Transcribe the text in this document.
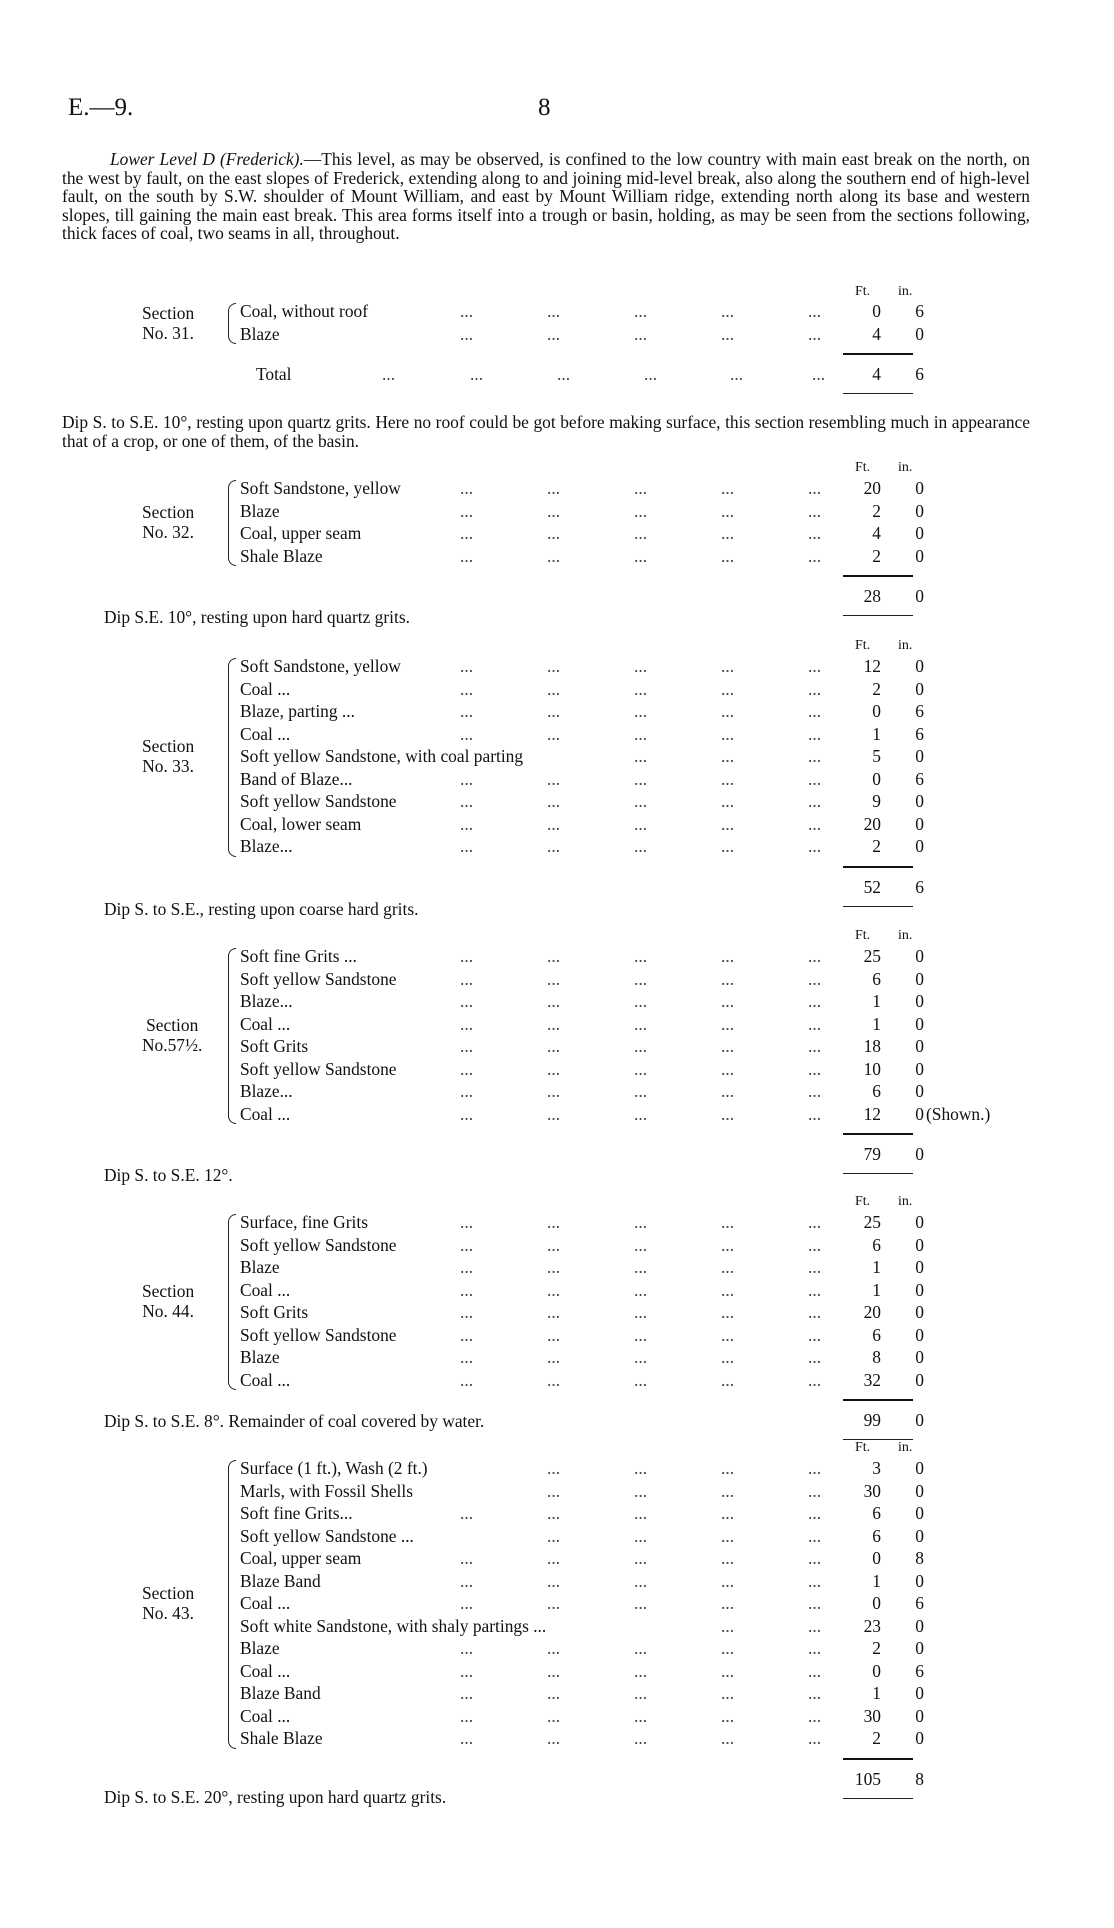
E.—9.	8

Lower Level D (Frederick).—This level, as may be observed, is confined to the low country with main east break on the north, on the west by fault, on the east slopes of Frederick, extending along to and joining mid-level break, also along the southern end of high-level fault, on the south by S.W. shoulder of Mount William, and east by Mount William ridge, extending north along its base and western slopes, till gaining the main east break. This area forms itself into a trough or basin, holding, as may be seen from the sections following, thick faces of coal, two seams in all, throughout.

Ft. in.
Section
No. 31.
Coal, without roof	...	...	...	...	...	0	6
Blaze	...	...	...	...	...	4	0
Total	...	...	...	...	...	...	4	6

Dip S. to S.E. 10°, resting upon quartz grits. Here no roof could be got before making surface, this section resembling much in appearance that of a crop, or one of them, of the basin.

Ft. in.
Section
No. 32.
Soft Sandstone, yellow	...	...	...	...	...	20	0
Blaze	...	...	...	...	...	2	0
Coal, upper seam	...	...	...	...	...	4	0
Shale Blaze	...	...	...	...	...	2	0
28	0

Dip S.E. 10°, resting upon hard quartz grits.

Ft. in.
Section
No. 33.
Soft Sandstone, yellow	...	...	...	...	...	12	0
Coal ...	...	...	...	...	...	2	0
Blaze, parting ...	...	...	...	...	...	0	6
Coal ...	...	...	...	...	...	1	6
Soft yellow Sandstone, with coal parting	...	...	...	5	0
Band of Blaze...	...	...	...	...	...	0	6
Soft yellow Sandstone	...	...	...	...	...	9	0
Coal, lower seam	...	...	...	...	...	20	0
Blaze...	...	...	...	...	...	2	0
52	6

Dip S. to S.E., resting upon coarse hard grits.

Ft. in.
Section
No.57½.
Soft fine Grits ...	...	...	...	...	...	25	0
Soft yellow Sandstone	...	...	...	...	...	6	0
Blaze...	...	...	...	...	...	1	0
Coal ...	...	...	...	...	...	1	0
Soft Grits	...	...	...	...	...	18	0
Soft yellow Sandstone	...	...	...	...	...	10	0
Blaze...	...	...	...	...	...	6	0
Coal ...	...	...	...	...	...	12	0 (Shown.)
79	0

Dip S. to S.E. 12°.

Ft. in.
Section
No. 44.
Surface, fine Grits	...	...	...	...	...	25	0
Soft yellow Sandstone	...	...	...	...	...	6	0
Blaze	...	...	...	...	...	1	0
Coal ...	...	...	...	...	...	1	0
Soft Grits	...	...	...	...	...	20	0
Soft yellow Sandstone	...	...	...	...	...	6	0
Blaze	...	...	...	...	...	8	0
Coal ...	...	...	...	...	...	32	0
99	0

Dip S. to S.E. 8°. Remainder of coal covered by water.

Ft. in.
Section
No. 43.
Surface (1 ft.), Wash (2 ft.)	...	...	...	...	3	0
Marls, with Fossil Shells	...	...	...	...	30	0
Soft fine Grits...	...	...	...	...	...	6	0
Soft yellow Sandstone ...	...	...	...	...	6	0
Coal, upper seam	...	...	...	...	...	0	8
Blaze Band	...	...	...	...	...	1	0
Coal ...	...	...	...	...	...	0	6
Soft white Sandstone, with shaly partings ...	...	...	23	0
Blaze	...	...	...	...	...	2	0
Coal ...	...	...	...	...	...	0	6
Blaze Band	...	...	...	...	...	1	0
Coal ...	...	...	...	...	...	30	0
Shale Blaze	...	...	...	...	...	2	0
105	8

Dip S. to S.E. 20°, resting upon hard quartz grits.
